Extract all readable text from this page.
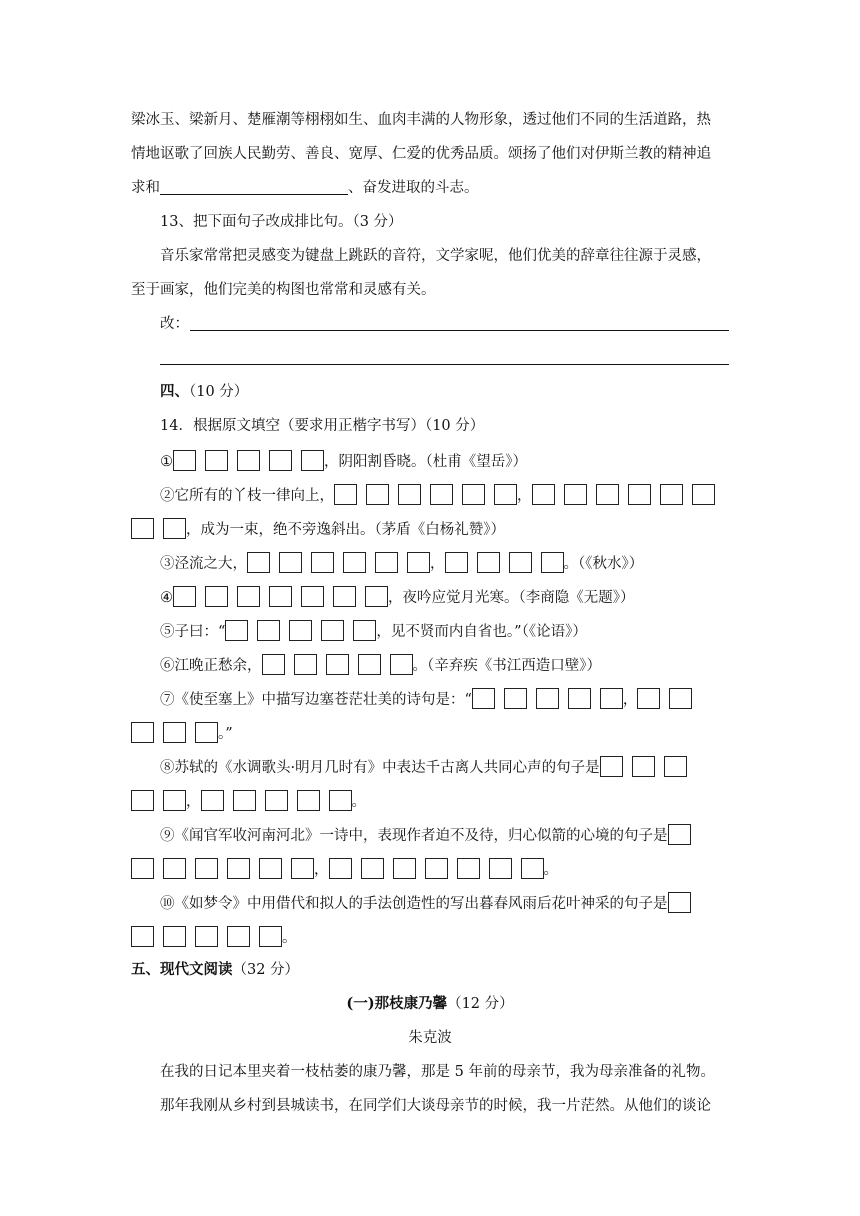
梁冰玉、梁新月、楚雁潮等栩栩如生、血肉丰满的人物形象，透过他们不同的生活道路，热
情地讴歌了回族人民勤劳、善良、宽厚、仁爱的优秀品质。颂扬了他们对伊斯兰教的精神追
求和	、奋发进取的斗志。
13、把下面句子改成排比句。（3 分）
音乐家常常把灵感变为键盘上跳跃的音符，文学家呢，他们优美的辞章往往源于灵感，
至于画家，他们完美的构图也常常和灵感有关。
改：
四、（10 分）
14．根据原文填空（要求用正楷字书写）（10 分）
①	，阴阳割昏晓。（杜甫《望岳》）
②它所有的丫枝一律向上，	，
，成为一束，绝不旁逸斜出。（茅盾《白杨礼赞》）
③泾流之大，	，	。（《秋水》）
④	，夜吟应觉月光寒。（李商隐《无题》）
⑤子曰：“	，见不贤而内自省也。”（《论语》）
⑥江晚正愁余，	。（辛弃疾《书江西造口壁》）
⑦《使至塞上》中描写边塞苍茫壮美的诗句是：“	，
。”
⑧苏轼的《水调歌头·明月几时有》中表达千古离人共同心声的句子是
，	。
⑨《闻官军收河南河北》一诗中，表现作者迫不及待，归心似箭的心境的句子是
，	。
⑩《如梦令》中用借代和拟人的手法创造性的写出暮春风雨后花叶神采的句子是
。
五、现代文阅读（32 分）
(一)那枝康乃馨（12 分）
朱克波
在我的日记本里夹着一枝枯萎的康乃馨，那是 5 年前的母亲节，我为母亲准备的礼物。
那年我刚从乡村到县城读书，在同学们大谈母亲节的时候，我一片茫然。从他们的谈论
